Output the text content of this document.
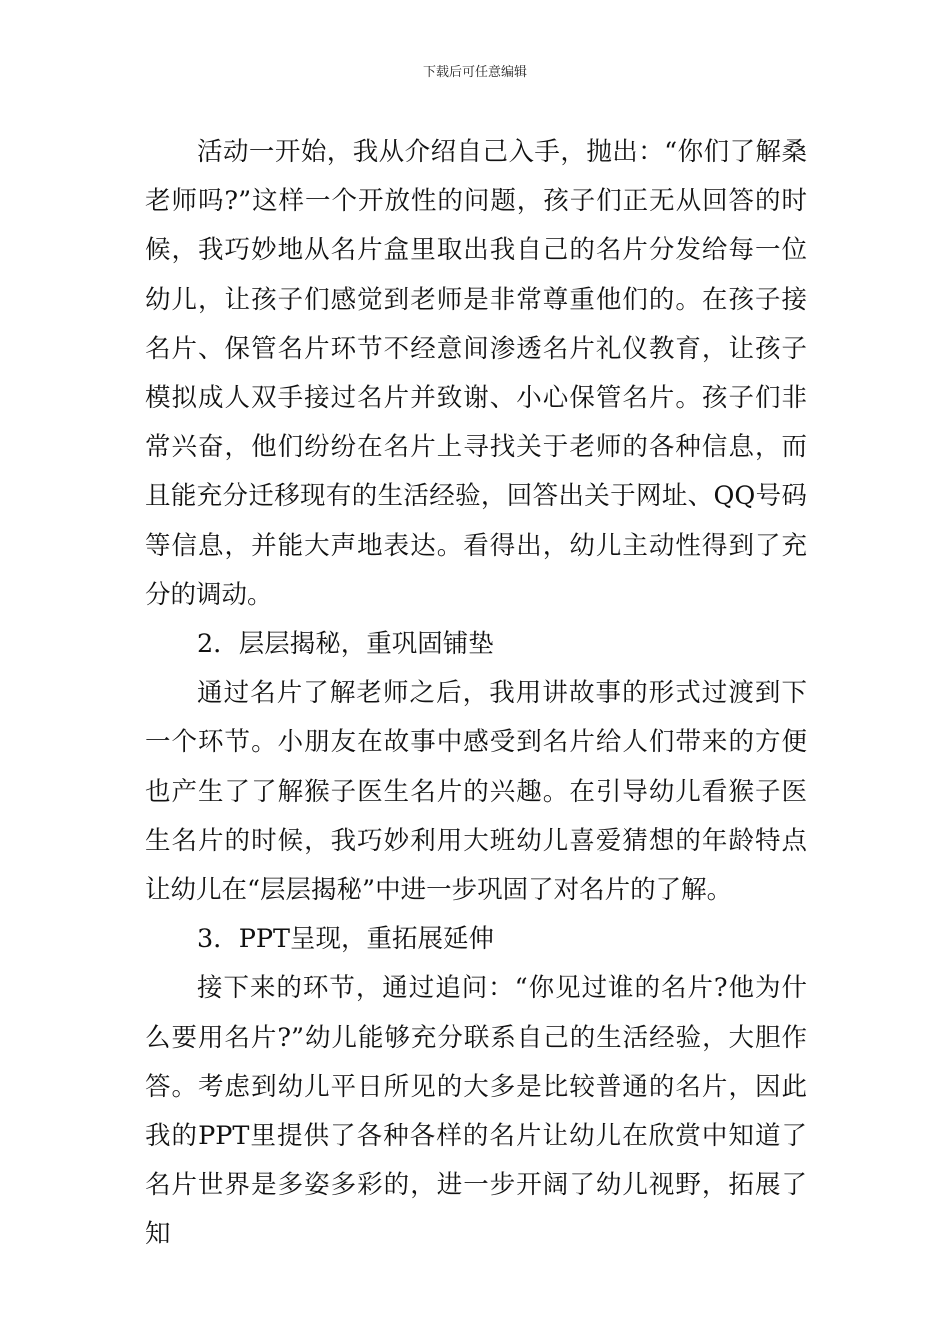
下载后可任意编辑

活动一开始，我从介绍自己入手，抛出：“你们了解桑老师吗?”这样一个开放性的问题，孩子们正无从回答的时候，我巧妙地从名片盒里取出我自己的名片分发给每一位幼儿，让孩子们感觉到老师是非常尊重他们的。在孩子接名片、保管名片环节不经意间渗透名片礼仪教育，让孩子模拟成人双手接过名片并致谢、小心保管名片。孩子们非常兴奋，他们纷纷在名片上寻找关于老师的各种信息，而且能充分迁移现有的生活经验，回答出关于网址、QQ号码等信息，并能大声地表达。看得出，幼儿主动性得到了充分的调动。

2．层层揭秘，重巩固铺垫

通过名片了解老师之后，我用讲故事的形式过渡到下一个环节。小朋友在故事中感受到名片给人们带来的方便也产生了了解猴子医生名片的兴趣。在引导幼儿看猴子医生名片的时候，我巧妙利用大班幼儿喜爱猜想的年龄特点让幼儿在“层层揭秘”中进一步巩固了对名片的了解。

3．PPT呈现，重拓展延伸

接下来的环节，通过追问：“你见过谁的名片?他为什么要用名片?”幼儿能够充分联系自己的生活经验，大胆作答。考虑到幼儿平日所见的大多是比较普通的名片，因此我的PPT里提供了各种各样的名片让幼儿在欣赏中知道了名片世界是多姿多彩的，进一步开阔了幼儿视野，拓展了知
